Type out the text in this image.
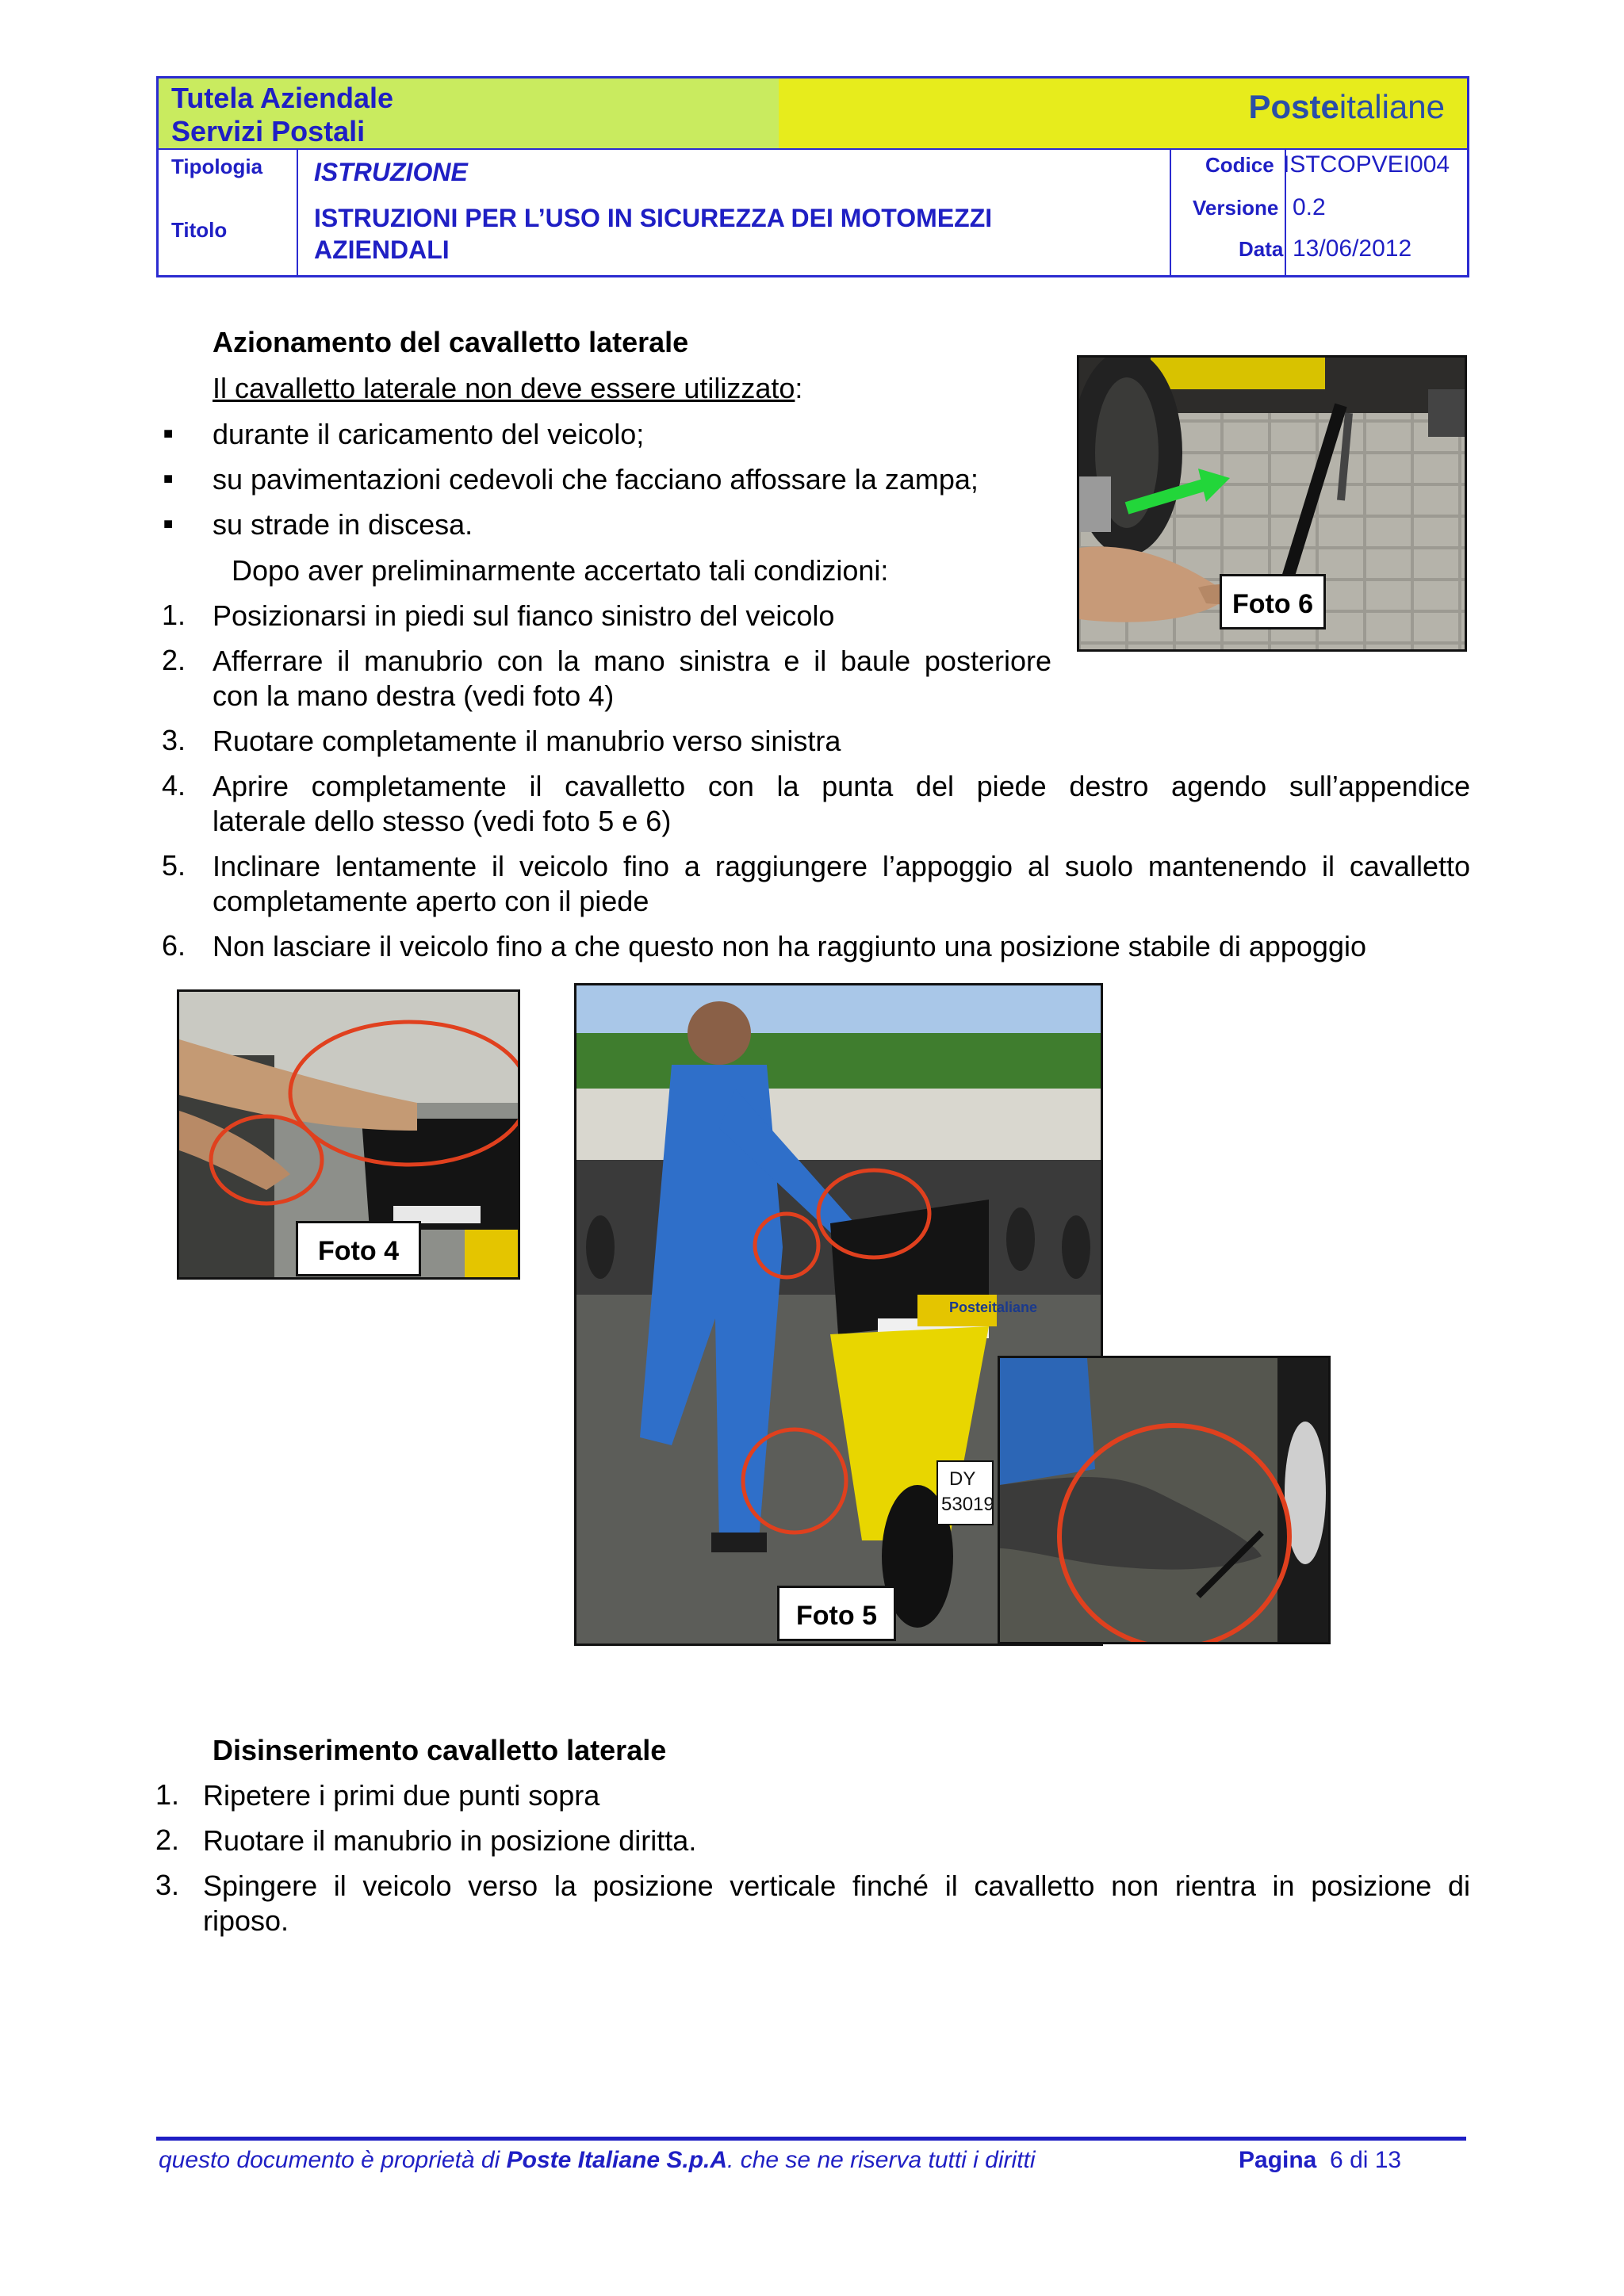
Tutela Aziendale
Servizi Postali
Posteitaliane
Tipologia ISTRUZIONE
Titolo	ISTRUZIONI PER L’USO IN SICUREZZA DEI MOTOMEZZI
AZIENDALI
Codice ISTCOPVEI004
Versione 0.2
Data 13/06/2012
Azionamento del cavalletto laterale
Il cavalletto laterale non deve essere utilizzato:
■ durante il caricamento del veicolo;
■ su pavimentazioni cedevoli che facciano affossare la zampa;
■ su strade in discesa.
Dopo aver preliminarmente accertato tali condizioni:
1. Posizionarsi in piedi sul fianco sinistro del veicolo
2. Afferrare il manubrio con la mano sinistra e il baule posteriore
con la mano destra (vedi foto 4)
3. Ruotare completamente il manubrio verso sinistra
4. Aprire completamente il cavalletto con la punta del piede destro agendo sull’appendice
laterale dello stesso (vedi foto 5 e 6)
5. Inclinare lentamente il veicolo fino a raggiungere l’appoggio al suolo mantenendo il cavalletto
completamente aperto con il piede
6. Non lasciare il veicolo fino a che questo non ha raggiunto una posizione stabile di appoggio
Foto 6
Foto 4
DY
53019
Posteitaliane
Foto 5
Disinserimento cavalletto laterale
1. Ripetere i primi due punti sopra
2. Ruotare il manubrio in posizione diritta.
3. Spingere il veicolo verso la posizione verticale finché il cavalletto non rientra in posizione di
riposo.
questo documento è proprietà di Poste Italiane S.p.A. che se ne riserva tutti i diritti	Pagina 6 di 13
